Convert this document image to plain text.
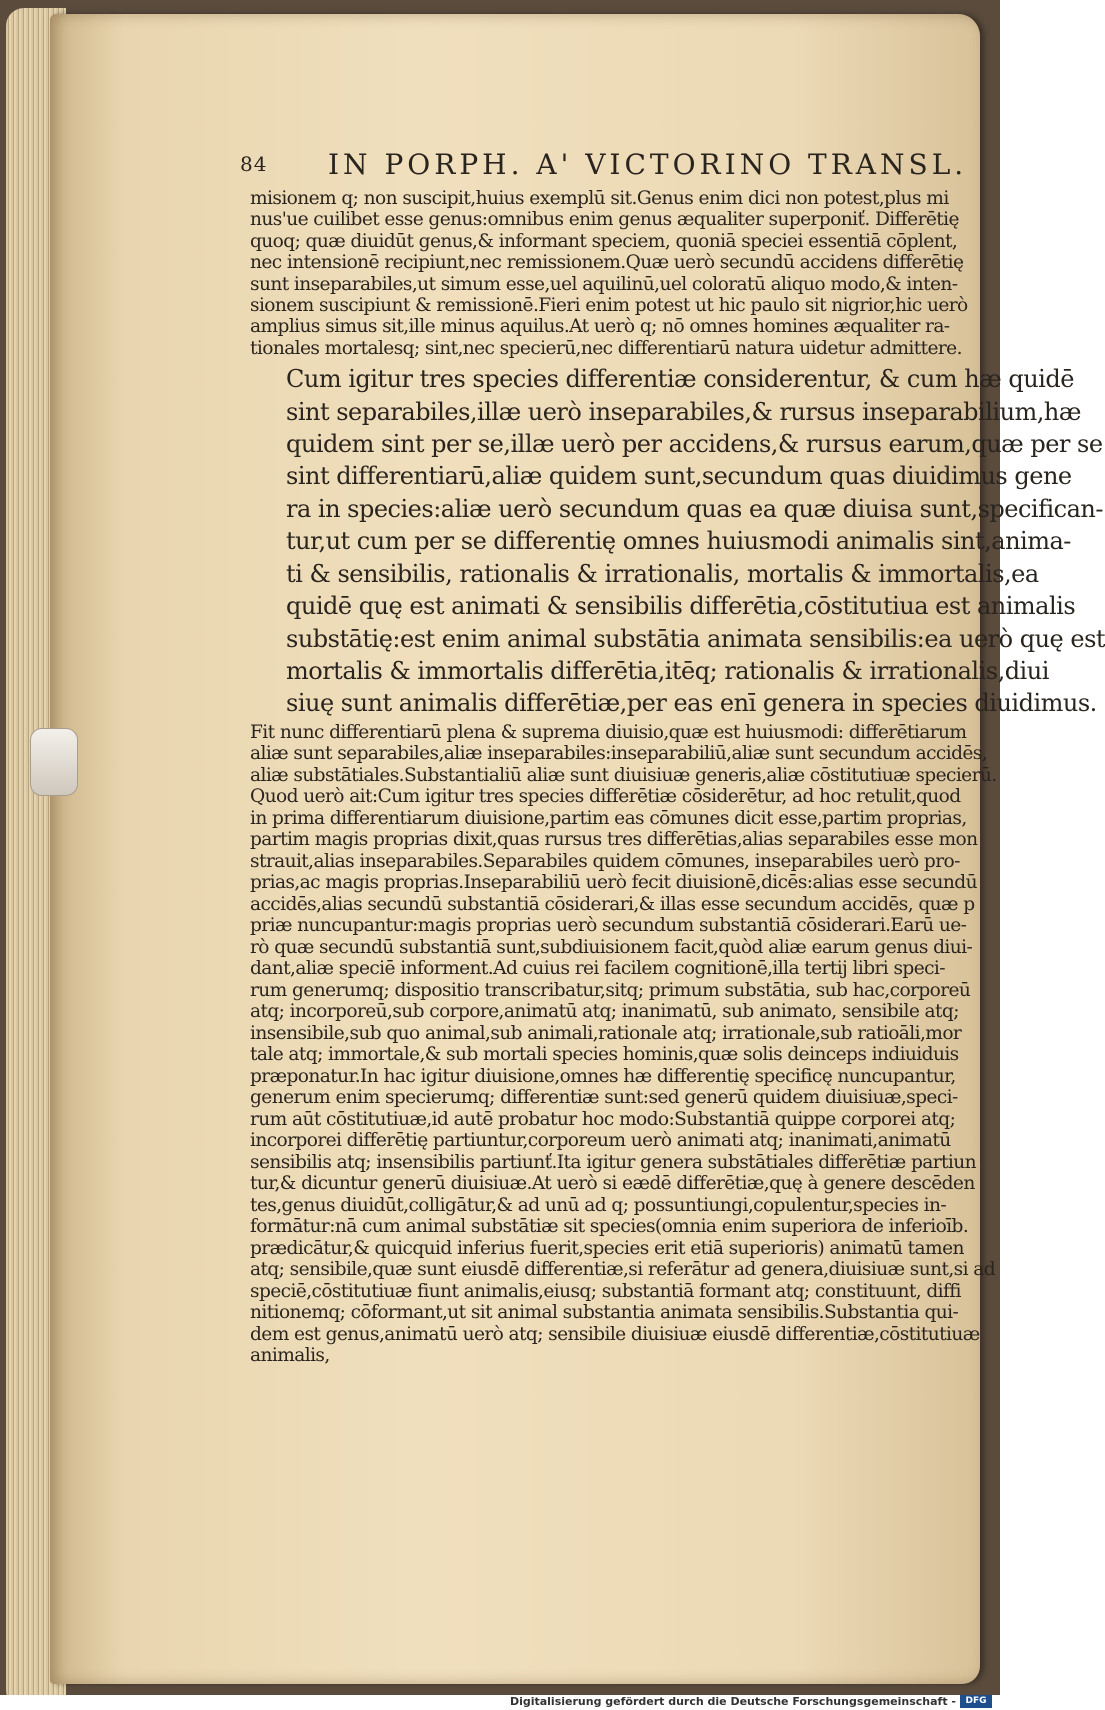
84 IN PORPH. A' VICTORINO TRANSL.
misionem q; non suscipit,huius exemplū sit.Genus enim dici non potest,plus mi
nus'ue cuilibet esse genus:omnibus enim genus æqualiter superponiť. Differētię
quoq; quæ diuidūt genus,& informant speciem, quoniā speciei essentiā cōplent,
nec intensionē recipiunt,nec remissionem.Quæ uerò secundū accidens differētię
sunt inseparabiles,ut simum esse,uel aquilinū,uel coloratū aliquo modo,& inten-
sionem suscipiunt & remissionē.Fieri enim potest ut hic paulo sit nigrior,hic uerò
amplius simus sit,ille minus aquilus.At uerò q; nō omnes homines æqualiter ra-
tionales mortalesq; sint,nec specierū,nec differentiarū natura uidetur admittere.
Cum igitur tres species differentiæ considerentur, & cum hæ quidē
sint separabiles,illæ uerò inseparabiles,& rursus inseparabilium,hæ
quidem sint per se,illæ uerò per accidens,& rursus earum,quæ per se
sint differentiarū,aliæ quidem sunt,secundum quas diuidimus gene
ra in species:aliæ uerò secundum quas ea quæ diuisa sunt,specifican-
tur,ut cum per se differentię omnes huiusmodi animalis sint,anima-
ti & sensibilis, rationalis & irrationalis, mortalis & immortalis,ea
quidē quę est animati & sensibilis differētia,cōstitutiua est animalis
substātię:est enim animal substātia animata sensibilis:ea uerò quę est
mortalis & immortalis differētia,itēq; rationalis & irrationalis,diui
siuę sunt animalis differētiæ,per eas enī genera in species diuidimus.
Fit nunc differentiarū plena & suprema diuisio,quæ est huiusmodi: differētiarum
aliæ sunt separabiles,aliæ inseparabiles:inseparabiliū,aliæ sunt secundum accidēs,
aliæ substātiales.Substantialiū aliæ sunt diuisiuæ generis,aliæ cōstitutiuæ specierū.
Quod uerò ait:Cum igitur tres species differētiæ cōsiderētur, ad hoc retulit,quod
in prima differentiarum diuisione,partim eas cōmunes dicit esse,partim proprias,
partim magis proprias dixit,quas rursus tres differētias,alias separabiles esse mon
strauit,alias inseparabiles.Separabiles quidem cōmunes, inseparabiles uerò pro-
prias,ac magis proprias.Inseparabiliū uerò fecit diuisionē,dicēs:alias esse secundū
accidēs,alias secundū substantiā cōsiderari,& illas esse secundum accidēs, quæ p
priæ nuncupantur:magis proprias uerò secundum substantiā cōsiderari.Earū ue-
rò quæ secundū substantiā sunt,subdiuisionem facit,quòd aliæ earum genus diui-
dant,aliæ speciē informent.Ad cuius rei facilem cognitionē,illa tertij libri speci-
rum generumq; dispositio transcribatur,sitq; primum substātia, sub hac,corporeū
atq; incorporeū,sub corpore,animatū atq; inanimatū, sub animato, sensibile atq;
insensibile,sub quo animal,sub animali,rationale atq; irrationale,sub ratioāli,mor
tale atq; immortale,& sub mortali species hominis,quæ solis deinceps indiuiduis
præponatur.In hac igitur diuisione,omnes hæ differentię specificę nuncupantur,
generum enim specierumq; differentiæ sunt:sed generū quidem diuisiuæ,speci-
rum aūt cōstitutiuæ,id autē probatur hoc modo:Substantiā quippe corporei atq;
incorporei differētię partiuntur,corporeum uerò animati atq; inanimati,animatū
sensibilis atq; insensibilis partiunť.Ita igitur genera substātiales differētiæ partiun
tur,& dicuntur generū diuisiuæ.At uerò si eædē differētiæ,quę à genere descēden
tes,genus diuidūt,colligātur,& ad unū ad q; possuntiungi,copulentur,species in-
formātur:nā cum animal substātiæ sit species(omnia enim superiora de inferioīb.
prædicātur,& quicquid inferius fuerit,species erit etiā superioris) animatū tamen
atq; sensibile,quæ sunt eiusdē differentiæ,si referātur ad genera,diuisiuæ sunt,si ad
speciē,cōstitutiuæ fiunt animalis,eiusq; substantiā formant atq; constituunt, diffi
nitionemq; cōformant,ut sit animal substantia animata sensibilis.Substantia qui-
dem est genus,animatū uerò atq; sensibile diuisiuæ eiusdē differentiæ,cōstitutiuæ
animalis,
Digitalisierung gefördert durch die Deutsche Forschungsgemeinschaft -	DFG
